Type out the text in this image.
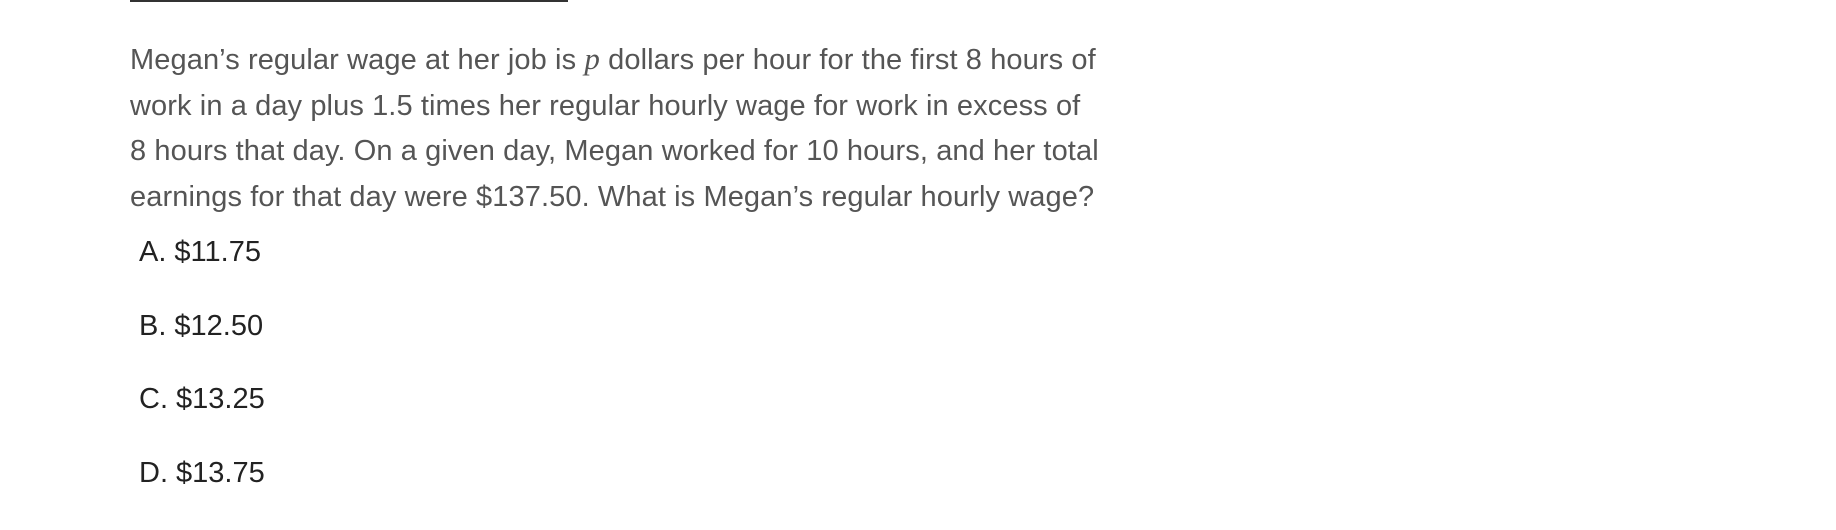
Megan’s regular wage at her job is p dollars per hour for the first 8 hours of
work in a day plus 1.5 times her regular hourly wage for work in excess of
8 hours that day. On a given day, Megan worked for 10 hours, and her total
earnings for that day were $137.50. What is Megan’s regular hourly wage?

A. $11.75
B. $12.50
C. $13.25
D. $13.75
